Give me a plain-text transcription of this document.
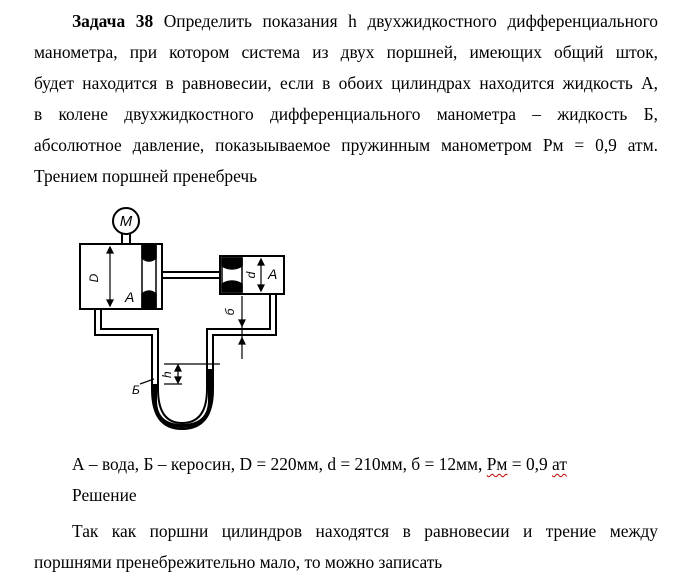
Задача 38 Определить показания h двухжидкостного дифференциального
манометра, при котором система из двух поршней, имеющих общий шток,
будет находится в равновесии, если в обоих цилиндрах находится жидкость А,
в колене двухжидкостного дифференциального манометра – жидкость Б,
абсолютное давление, показыываемое пружинным манометром Рм = 0,9 атм.
Трением поршней пренебречь
M
D
A
d A
б
Б
h
А – вода, Б – керосин, D = 220мм, d = 210мм, б = 12мм, Рм = 0,9 ат
Решение
Так как поршни цилиндров находятся в равновесии и трение между
поршнями пренебрежительно мало, то можно записать
